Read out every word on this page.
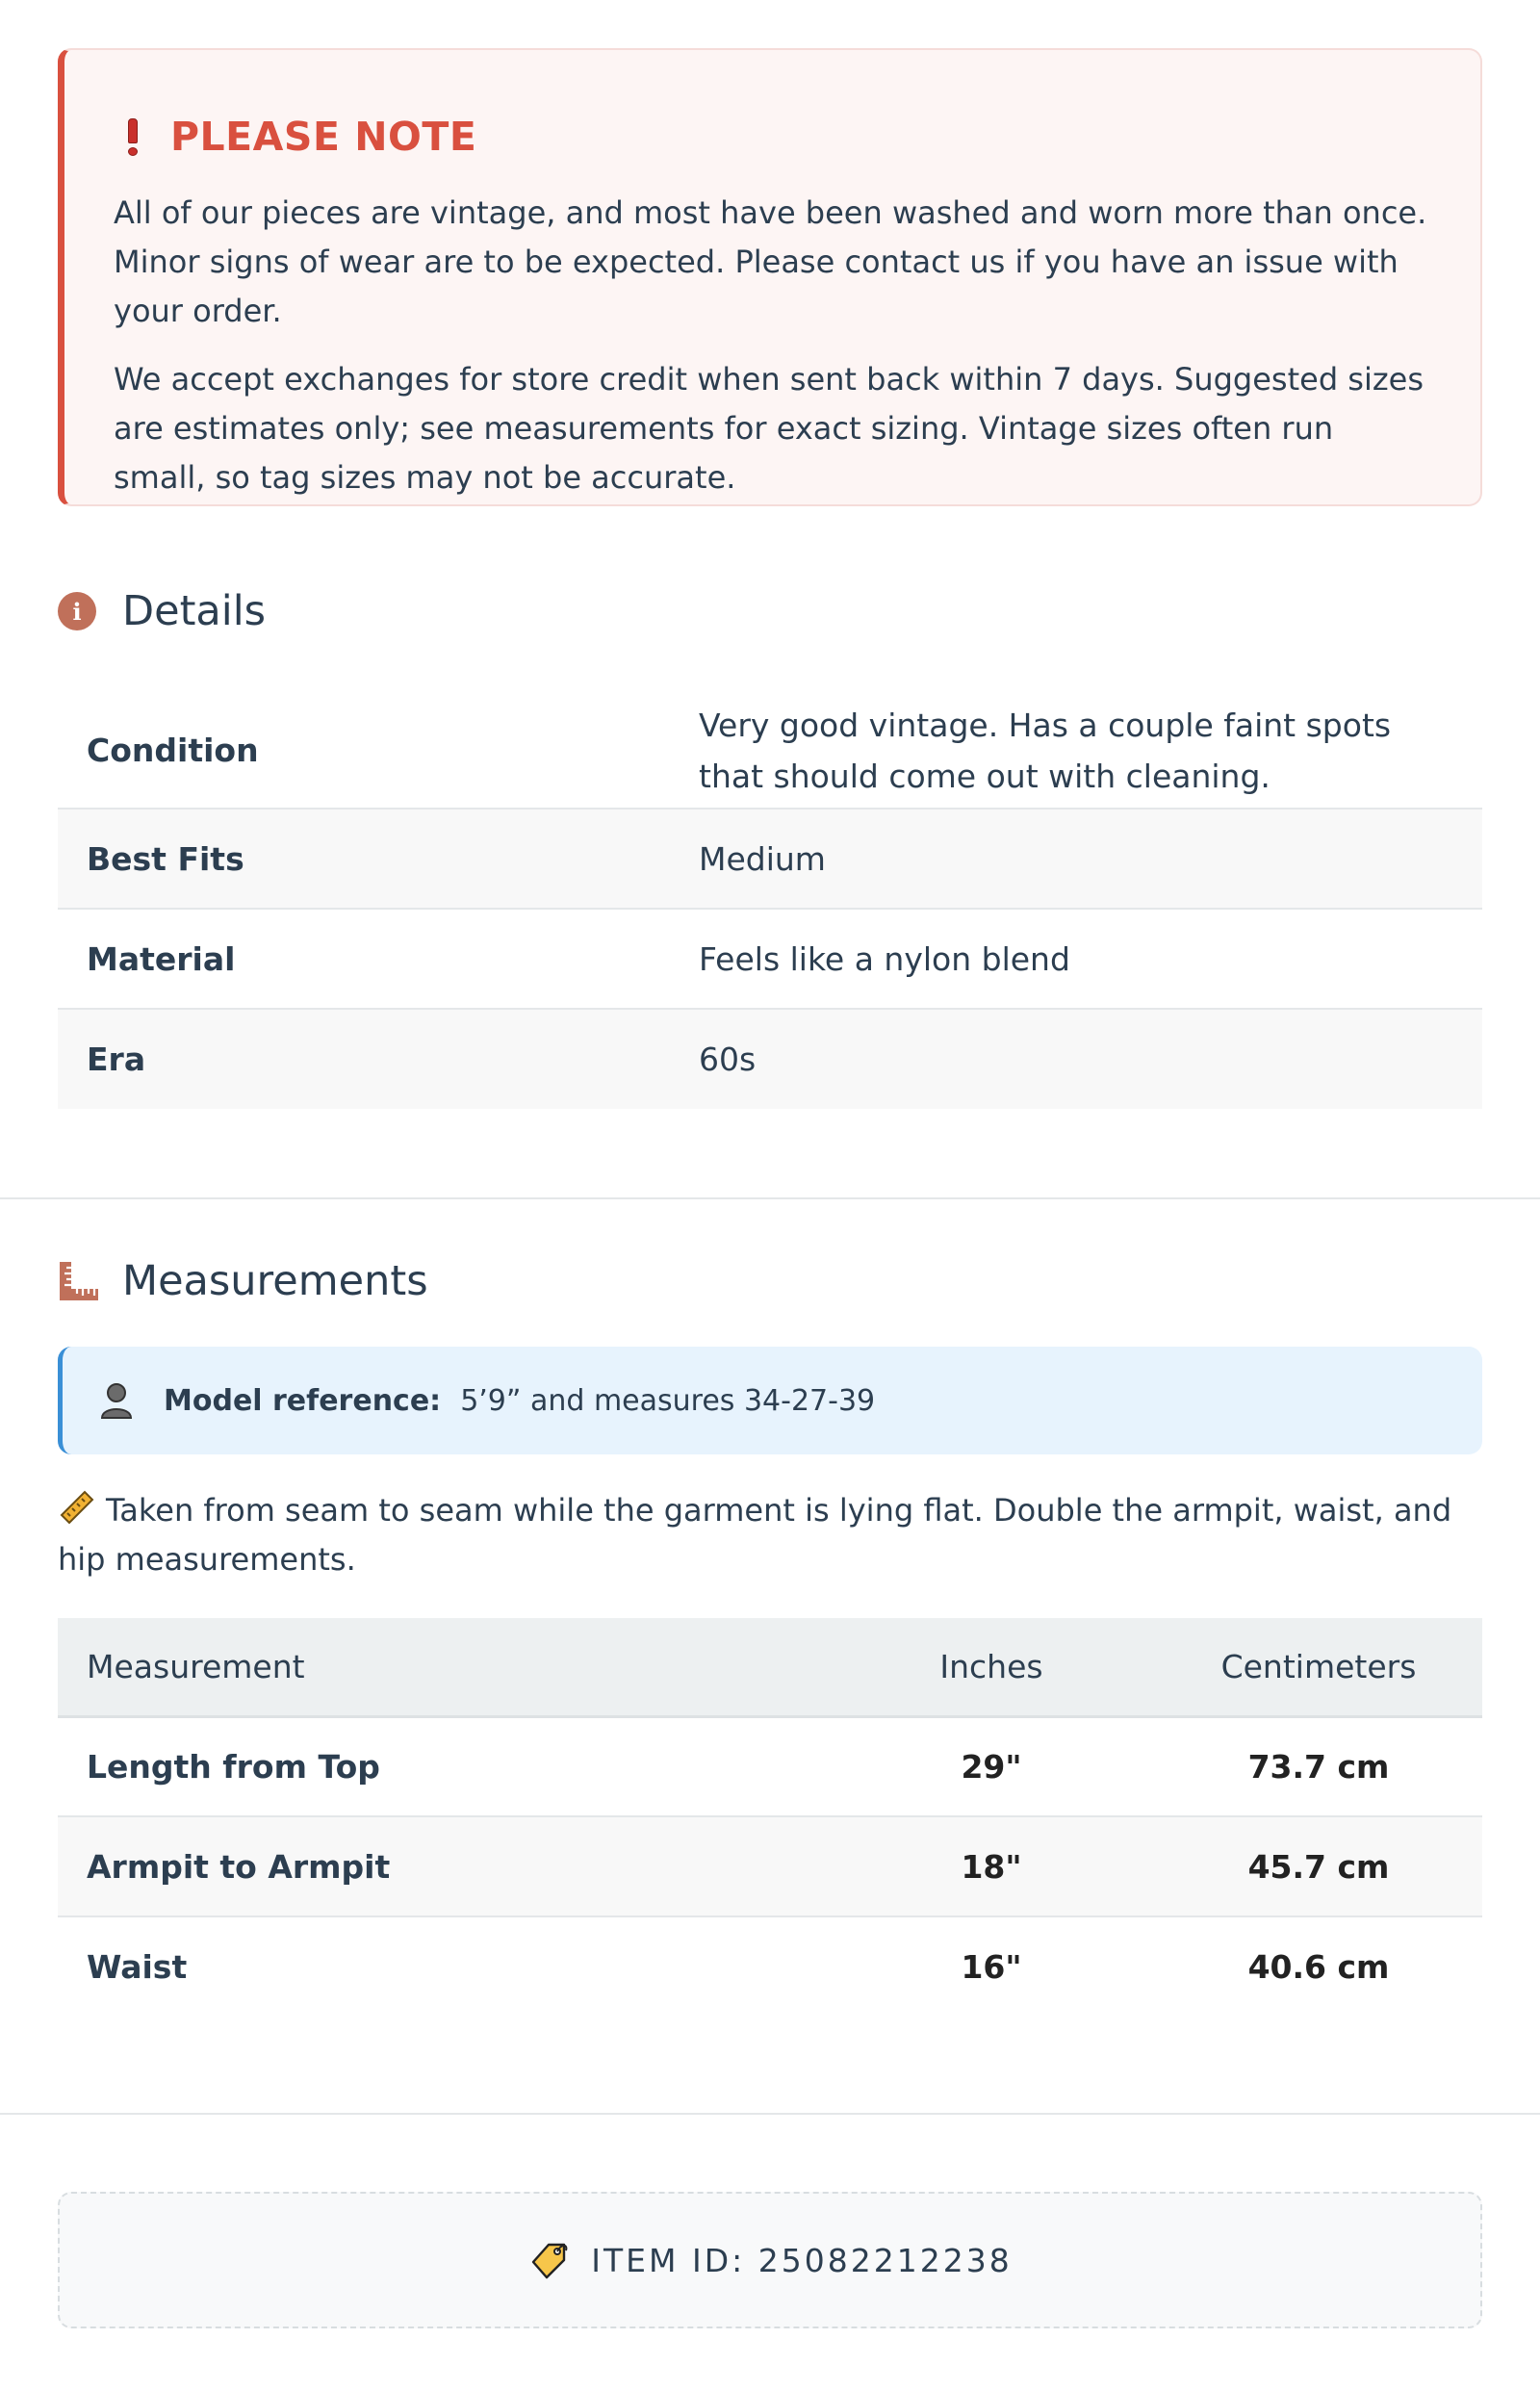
PLEASE NOTE

All of our pieces are vintage, and most have been washed and worn more than once. Minor signs of wear are to be expected. Please contact us if you have an issue with your order.

We accept exchanges for store credit when sent back within 7 days. Suggested sizes are estimates only; see measurements for exact sizing. Vintage sizes often run small, so tag sizes may not be accurate.

i Details
Condition	Very good vintage. Has a couple faint spots that should come out with cleaning.
Best Fits	Medium
Material	Feels like a nylon blend
Era	60s
Measurements
Model reference: 5’9” and measures 34-27-39

Taken from seam to seam while the garment is lying flat. Double the armpit, waist, and hip measurements.

Measurement	Inches	Centimeters
Length from Top	29"	73.7 cm
Armpit to Armpit	18"	45.7 cm
Waist	16"	40.6 cm
ITEM ID: 25082212238
